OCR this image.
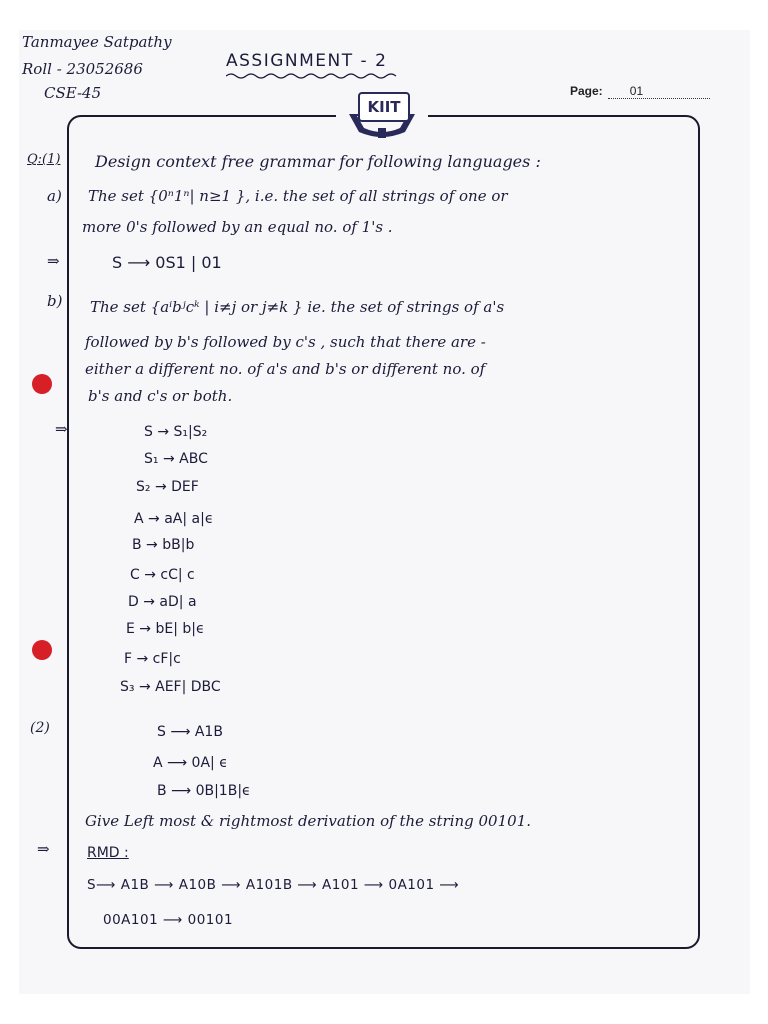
Tanmayee Satpathy
Roll - 23052686
CSE-45
ASSIGNMENT - 2
Page: 01
KIIT
Q:(1) Design context free grammar for following languages :
a) The set {0ⁿ1ⁿ| n≥1 }, i.e. the set of all strings of one or
more 0's followed by an equal no. of 1's .
⇒	S ⟶ 0S1 | 01
b) The set {aⁱbʲcᵏ | i≠j or j≠k } ie. the set of strings of a's
followed by b's followed by c's , such that there are -
either a different no. of a's and b's or different no. of
b's and c's or both.
⇒	S → S₁|S₂
S₁ → ABC
S₂ → DEF
A → aA| a|ϵ
B → bB|b
C → cC| c
D → aD| a
E → bE| b|ϵ
F → cF|c
S₃ → AEF| DBC
(2)	S ⟶ A1B
A ⟶ 0A| ϵ
B ⟶ 0B|1B|ϵ
Give Left most & rightmost derivation of the string 00101.
⇒	RMD :
S⟶ A1B ⟶ A10B ⟶ A101B ⟶ A101 ⟶ 0A101 ⟶
00A101 ⟶ 00101
